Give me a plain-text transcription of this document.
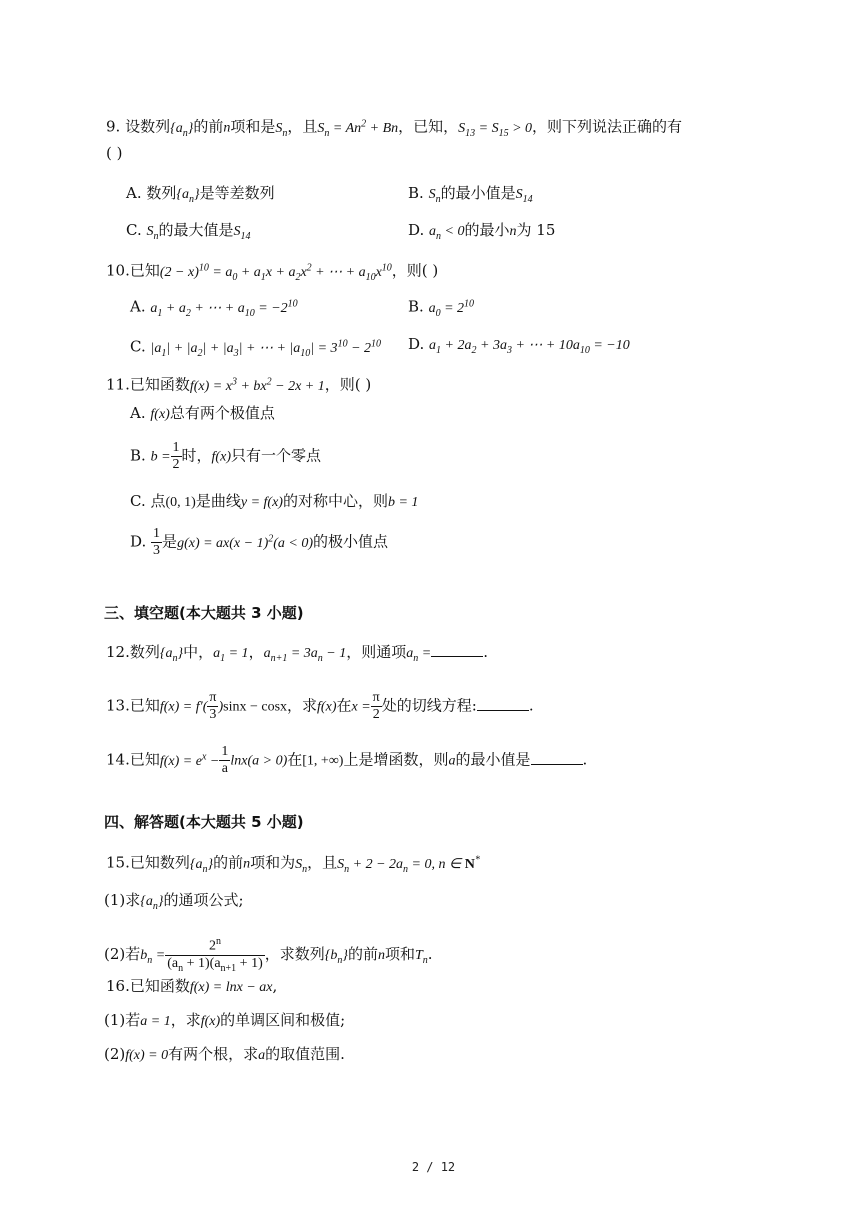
9. 设数列$\{a_n\}$的前n项和是$S_n$，且$S_n = An^2 + Bn$，已知，$S_{13} = S_{15} > 0$，则下列说法正确的有
( )
A. 数列$\{a_n\}$是等差数列	B. $S_n$的最小值是$S_{14}$
C. $S_n$的最大值是$S_{14}$	D. $a_n < 0$的最小n为 15
10.已知$(2 - x)^{10} = a_0 + a_1x + a_2x^2$ + ⋯ + $a_{10}x^{10}$，则( )
A. $a_1 + a_2$ + ⋯ + $a_{10} = -2^{10}$	B. $a_0 = 2^{10}$
C. $|a_1| + |a_2| + |a_3|$ + ⋯ + $|a_{10}| = 3^{10} - 2^{10}$ D. $a_1 + 2a_2 + 3a_3$ + ⋯ + $10a_{10} = -10$
11.已知函数$f(x) = x^3 + bx^2 - 2x + 1$，则( )
A. f(x)总有两个极值点
B. $b = \frac{1}{2}$ 时，f(x)只有一个零点
C. 点(0, 1)是曲线y = f(x)的对称中心，则b = 1
D. $\frac{1}{3}$ 是$g(x) = ax(x - 1)^2(a < 0)$的极小值点
三、填空题(本大题共 3 小题)
12.数列$\{a_n\}$中，$a_1 = 1$，$a_{n+1} = 3a_n - 1$，则通项$a_n$ =	.
13.已知$f(x) = f'( \frac{\pi}{3} )\sin x - \cos x$，求f(x)在$x = \frac{\pi}{2}$ 处的切线方程:	.
14.已知$f(x) = e^x - \frac{1}{a} \ln x(a > 0)$在[1, +∞)上是增函数，则a的最小值是	.
四、解答题(本大题共 5 小题)
15.已知数列$\{a_n\}$的前n项和为$S_n$，且$S_n + 2 - 2a_n = 0$, n ∈ N*
(1)求$\{a_n\}$的通项公式;
(2)若$b_n = \frac{2^n}{(a_n + 1)(a_{n+1} + 1)}$ ，求数列$\{b_n\}$的前n项和$T_n$.
16.已知函数f(x) = lnx − ax,
(1)若a = 1，求f(x)的单调区间和极值;
(2)f(x) = 0有两个根，求a的取值范围.
2 / 12
